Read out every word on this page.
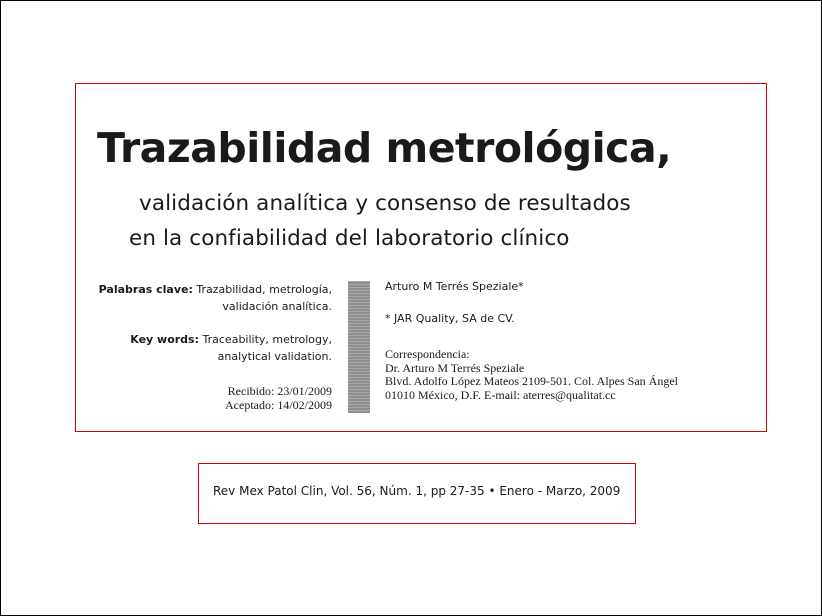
Trazabilidad metrológica,

validación analítica y consenso de resultados

en la confiabilidad del laboratorio clínico

Palabras clave: Trazabilidad, metrología,
validación analítica.
Key words: Traceability, metrology,
analytical validation.
Recibido: 23/01/2009
Aceptado: 14/02/2009
Arturo M Terrés Speziale*
* JAR Quality, SA de CV.
Correspondencia:
Dr. Arturo M Terrés Speziale
Blvd. Adolfo López Mateos 2109-501. Col. Alpes San Ángel
01010 México, D.F. E-mail: aterres@qualitat.cc
Rev Mex Patol Clin, Vol. 56, Núm. 1, pp 27-35 • Enero - Marzo, 2009
